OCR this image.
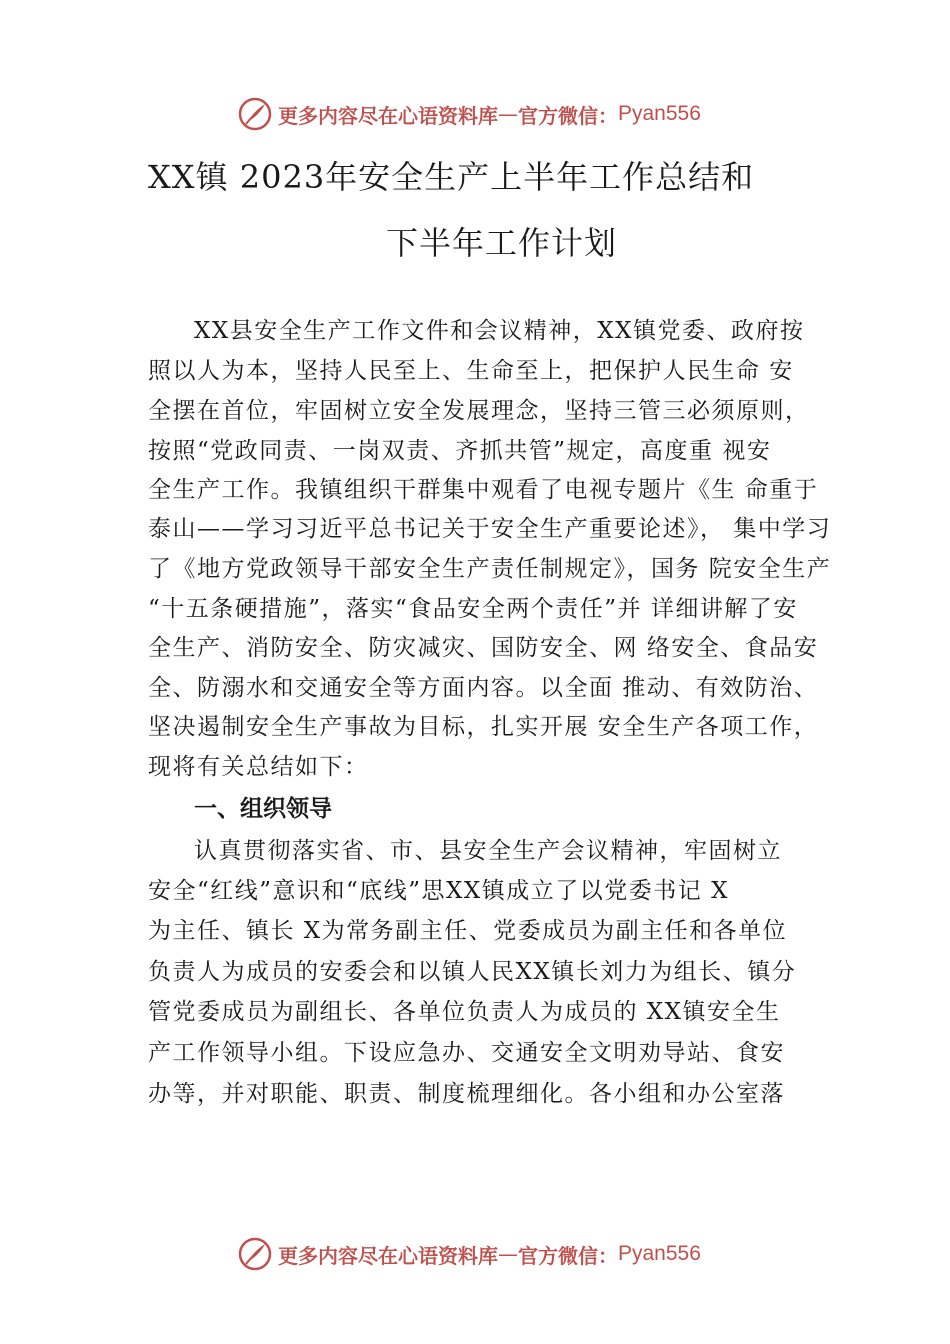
更多内容尽在心语资料库 — 官方微信： Pyan556
XX镇 2023年安全生产上半年工作总结和
下半年工作计划
XX县安全生产工作文件和会议精神，XX镇党委、政府按
照以人为本，坚持人民至上、生命至上，把保护人民生命 安
全摆在首位，牢固树立安全发展理念，坚持三管三必须原则，
按照“党政同责、一岗双责、齐抓共管”规定，高度重 视安
全生产工作。我镇组织干群集中观看了电视专题片《生 命重于
泰山——学习习近平总书记关于安全生产重要论述》， 集中学习
了《地方党政领导干部安全生产责任制规定》，国务 院安全生产
“十五条硬措施”，落实“食品安全两个责任”并 详细讲解了安
全生产、消防安全、防灾减灾、国防安全、网 络安全、食品安
全、防溺水和交通安全等方面内容。以全面 推动、有效防治、
坚决遏制安全生产事故为目标，扎实开展 安全生产各项工作，
现将有关总结如下：
一、组织领导
认真贯彻落实省、市、县安全生产会议精神，牢固树立
安全“红线”意识和“底线”思XX镇成立了以党委书记 X
为主任、镇长 X为常务副主任、党委成员为副主任和各单位
负责人为成员的安委会和以镇人民XX镇长刘力为组长、镇分
管党委成员为副组长、各单位负责人为成员的 XX镇安全生
产工作领导小组。下设应急办、交通安全文明劝导站、食安
办等，并对职能、职责、制度梳理细化。各小组和办公室落
更多内容尽在心语资料库 — 官方微信： Pyan556
